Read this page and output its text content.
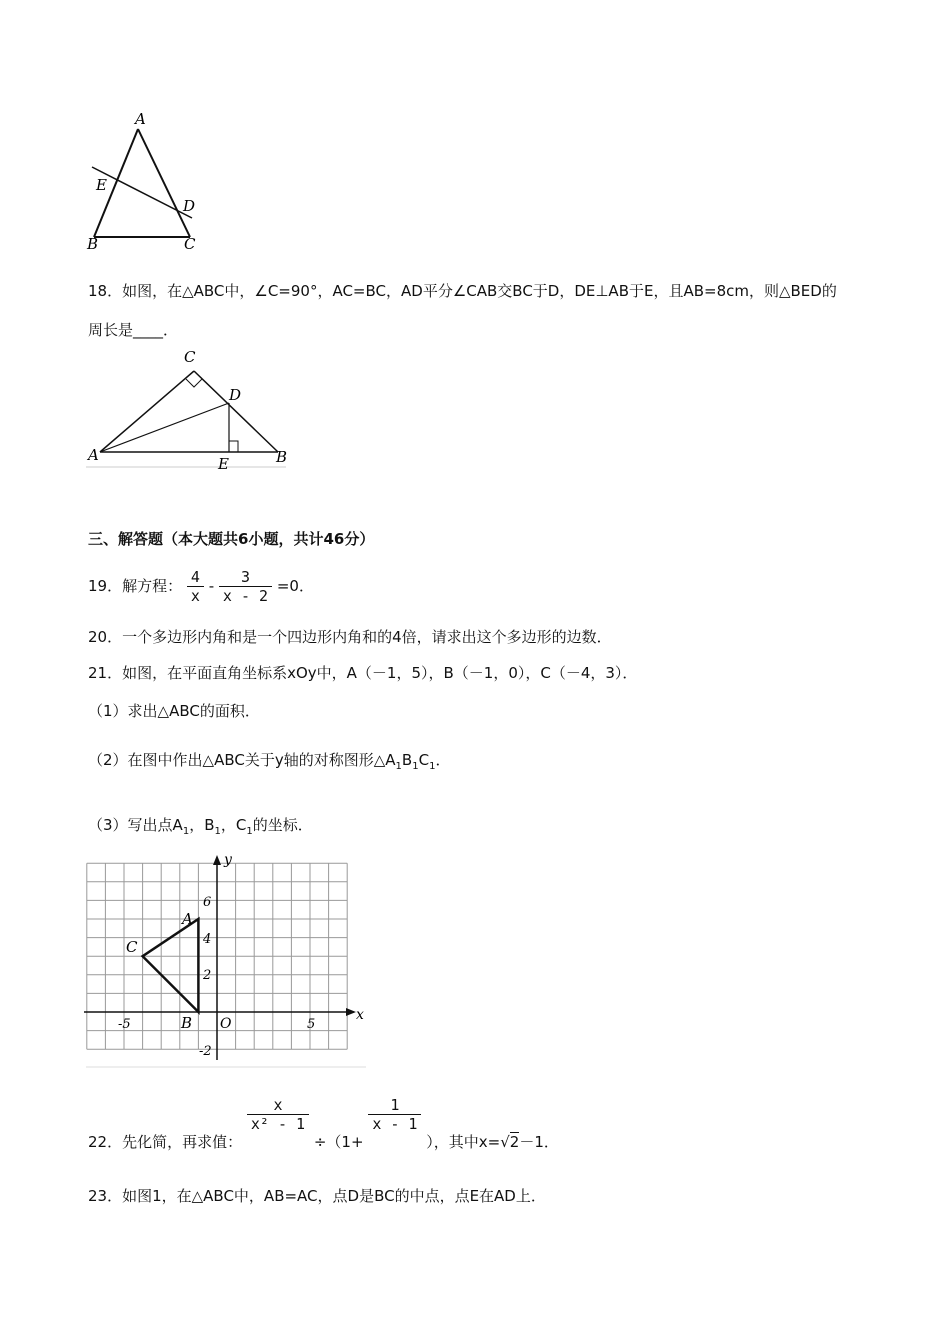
A
E
D
B	C
18．如图，在△ABC中，∠C=90°，AC=BC，AD平分∠CAB交BC于D，DE⊥AB于E，且AB=8cm，则△BED的
周长是____．
C
D
A	B
E
三、解答题（本大题共6小题，共计46分）
19．解方程： $\frac{4}{x} - \frac{3}{x - 2} =0$．
20．一个多边形内角和是一个四边形内角和的4倍，请求出这个多边形的边数．
21．如图，在平面直角坐标系xOy中，A（－1，5），B（－1，0），C（－4，3）．
（1）求出△ABC的面积．
（2）在图中作出△ABC关于y轴的对称图形$\triangle A_1B_1C_1$．
（3）写出点$A_1$，$B_1$，$C_1$的坐标．
x
y
O
A
C
B
-5	5
6
4
2
-2
22．先化简，再求值：
$\frac{x}{\text{x² - 1}}$
÷（1+
$\frac{1}{x - 1}$
），其中x=√2－1．
23．如图1，在△ABC中，AB=AC，点D是BC的中点，点E在AD上．
